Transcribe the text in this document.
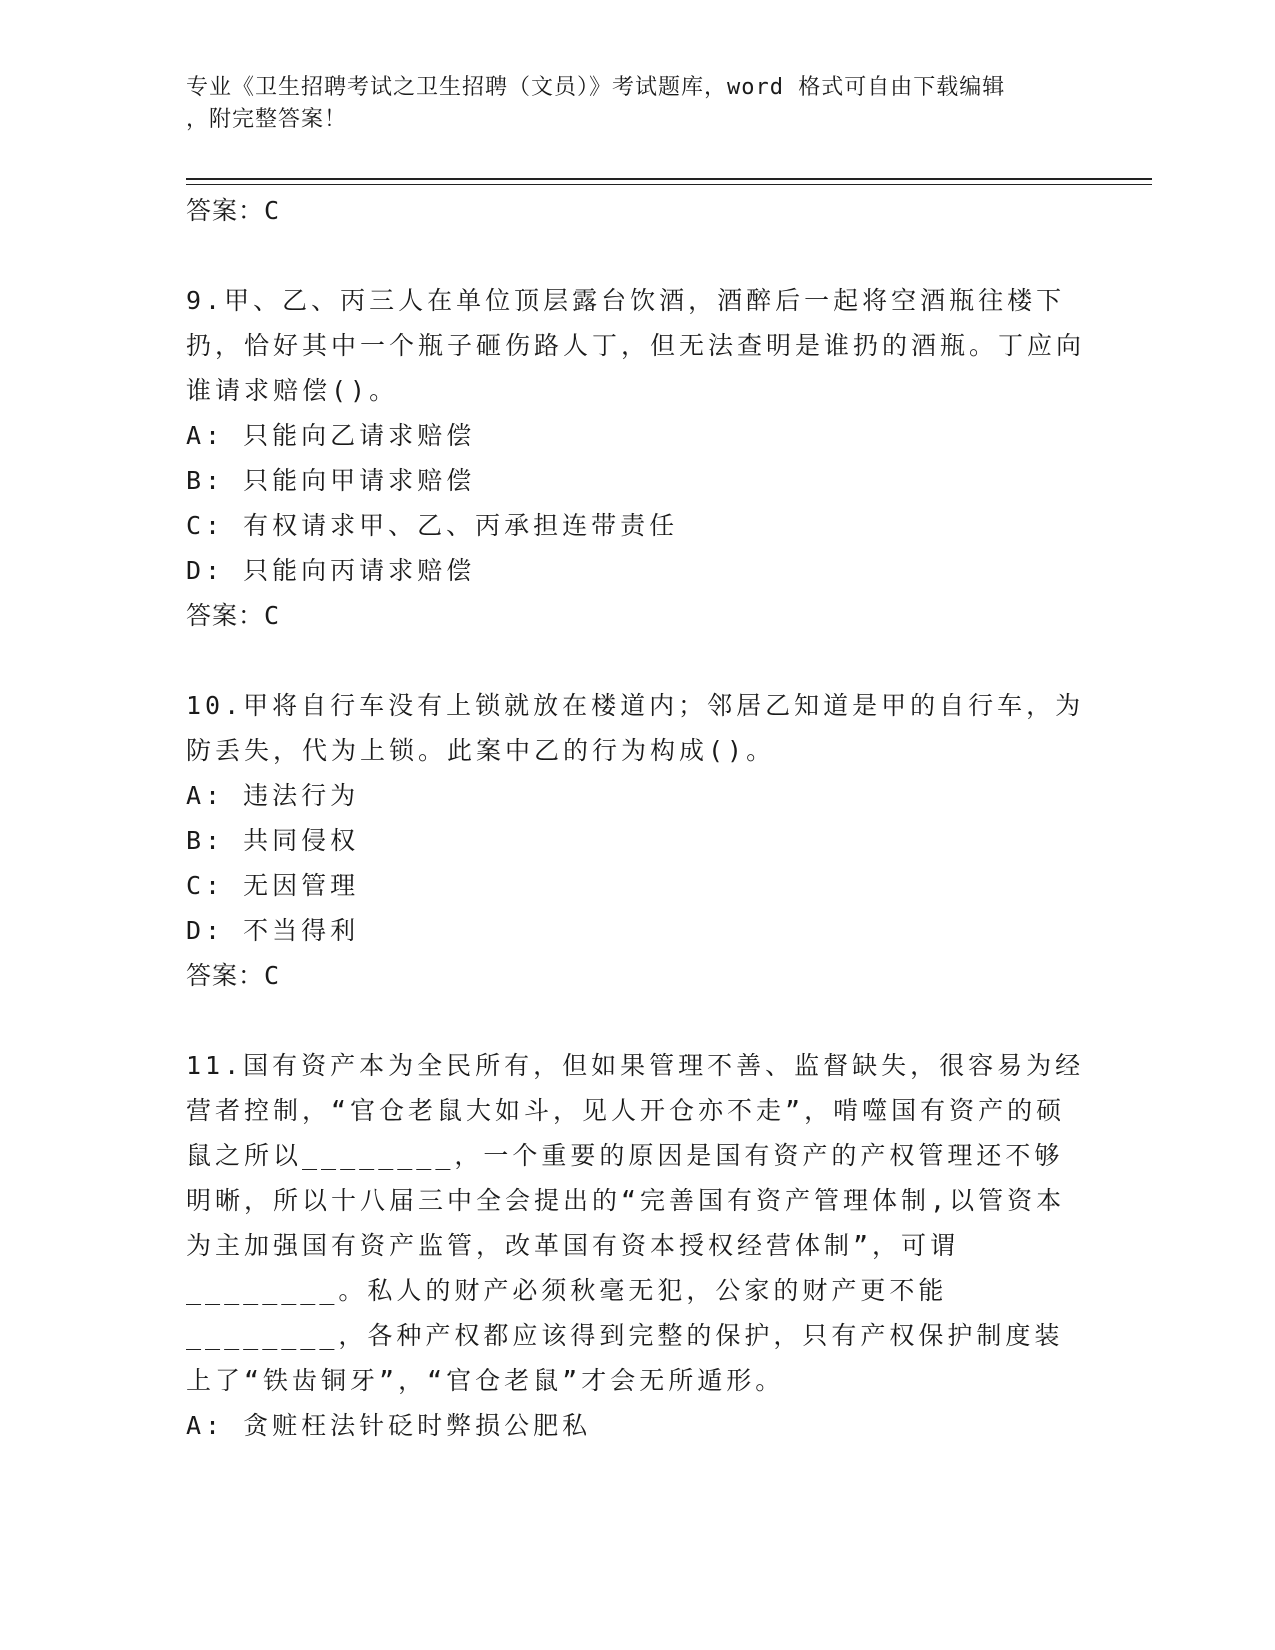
专业《卫生招聘考试之卫生招聘（文员）》考试题库，word 格式可自由下载编辑
，附完整答案！
答案：C

9.甲、乙、丙三人在单位顶层露台饮酒，酒醉后一起将空酒瓶往楼下扔，恰好其中一个瓶子砸伤路人丁，但无法查明是谁扔的酒瓶。丁应向谁请求赔偿()。

A: 只能向乙请求赔偿

B: 只能向甲请求赔偿

C: 有权请求甲、乙、丙承担连带责任

D: 只能向丙请求赔偿

答案：C

10.甲将自行车没有上锁就放在楼道内；邻居乙知道是甲的自行车，为防丢失，代为上锁。此案中乙的行为构成()。

A: 违法行为

B: 共同侵权

C: 无因管理

D: 不当得利

答案：C

11.国有资产本为全民所有，但如果管理不善、监督缺失，很容易为经营者控制，“官仓老鼠大如斗，见人开仓亦不走”，啃噬国有资产的硕鼠之所以________，一个重要的原因是国有资产的产权管理还不够明晰，所以十八届三中全会提出的“完善国有资产管理体制,以管资本为主加强国有资产监管，改革国有资本授权经营体制”，可谓________。私人的财产必须秋毫无犯，公家的财产更不能________，各种产权都应该得到完整的保护，只有产权保护制度装上了“铁齿铜牙”，“官仓老鼠”才会无所遁形。

A: 贪赃枉法针砭时弊损公肥私
